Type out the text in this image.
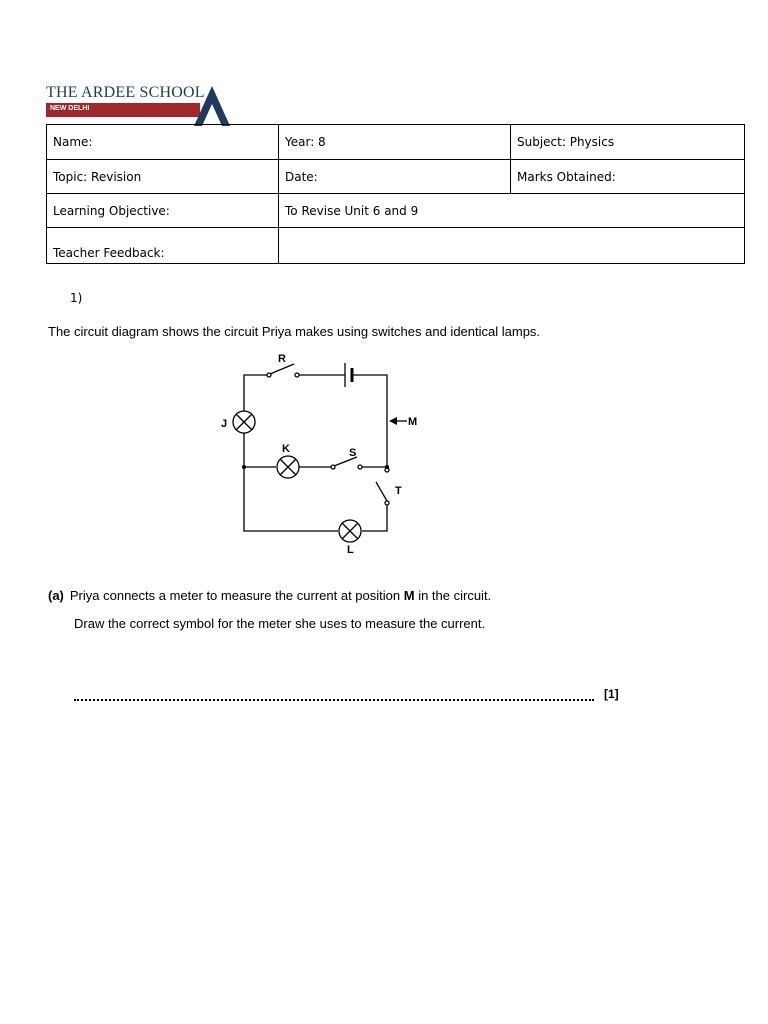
THE ARDEE SCHOOL
NEW DELHI
Name:	Year: 8	Subject: Physics
Topic: Revision	Date:	Marks Obtained:
Learning Objective:	To Revise Unit 6 and 9	
Teacher Feedback:		
1)
The circuit diagram shows the circuit Priya makes using switches and identical lamps.
R
J
K	S
T
L
M
(a) Priya connects a meter to measure the current at position M in the circuit.
Draw the correct symbol for the meter she uses to measure the current.
[1]
